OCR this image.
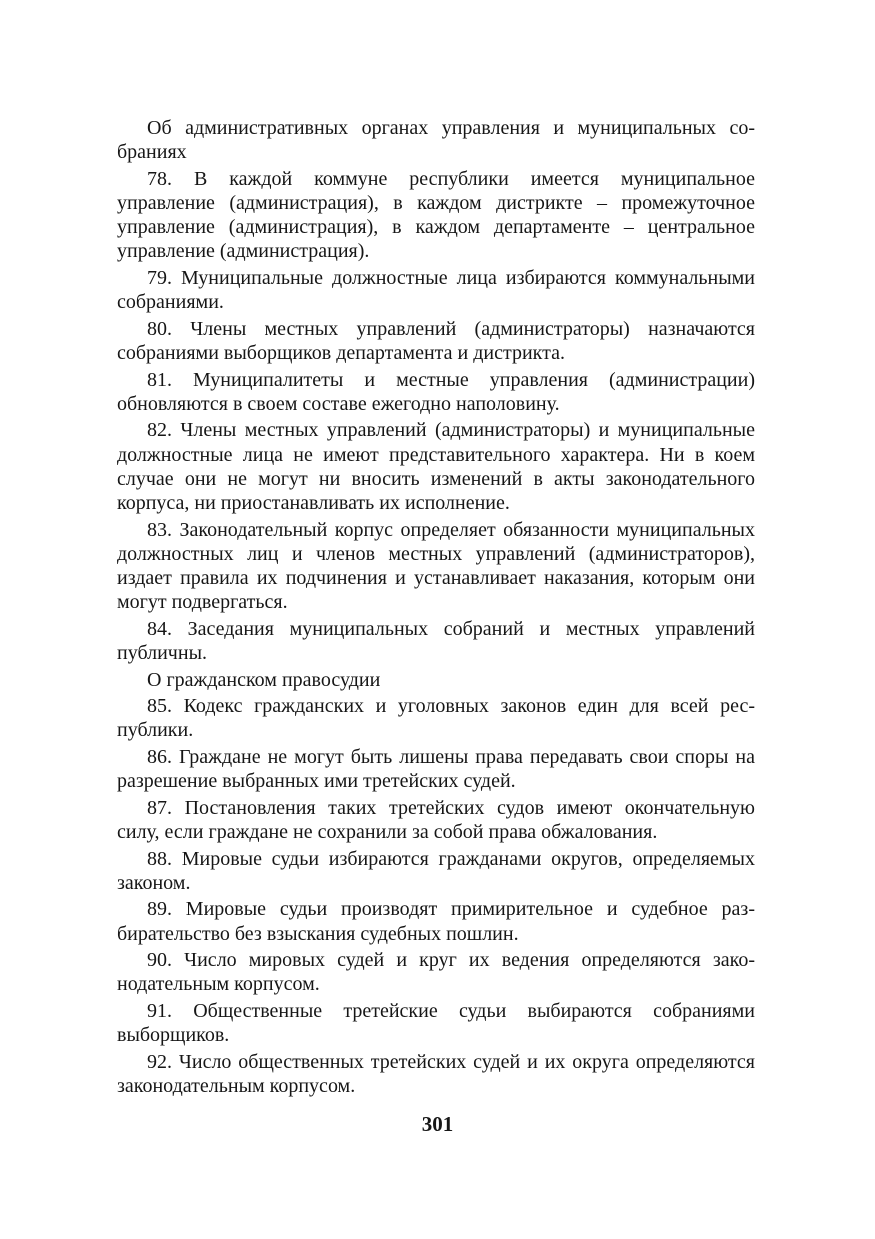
Об административных органах управления и муниципальных собраниях

78. В каждой коммуне республики имеется муниципальное управление (администрация), в каждом дистрикте – промежуточное управление (администрация), в каждом департаменте – центральное управление (администрация).

79. Муниципальные должностные лица избираются коммунальными собраниями.

80. Члены местных управлений (администраторы) назначаются собраниями выборщиков департамента и дистрикта.

81. Муниципалитеты и местные управления (администрации) обновляются в своем составе ежегодно наполовину.

82. Члены местных управлений (администраторы) и муниципальные должностные лица не имеют представительного характера. Ни в коем случае они не могут ни вносить изменений в акты законодательного корпуса, ни приостанавливать их исполнение.

83. Законодательный корпус определяет обязанности муниципальных должностных лиц и членов местных управлений (администраторов), издает правила их подчинения и устанавливает наказания, которым они могут подвергаться.

84. Заседания муниципальных собраний и местных управлений публичны.

О гражданском правосудии

85. Кодекс гражданских и уголовных законов един для всей республики.

86. Граждане не могут быть лишены права передавать свои споры на разрешение выбранных ими третейских судей.

87. Постановления таких третейских судов имеют окончательную силу, если граждане не сохранили за собой права обжалования.

88. Мировые судьи избираются гражданами округов, определяемых законом.

89. Мировые судьи производят примирительное и судебное разбирательство без взыскания судебных пошлин.

90. Число мировых судей и круг их ведения определяются законодательным корпусом.

91. Общественные третейские судьи выбираются собраниями выборщиков.

92. Число общественных третейских судей и их округа определяются законодательным корпусом.

301
